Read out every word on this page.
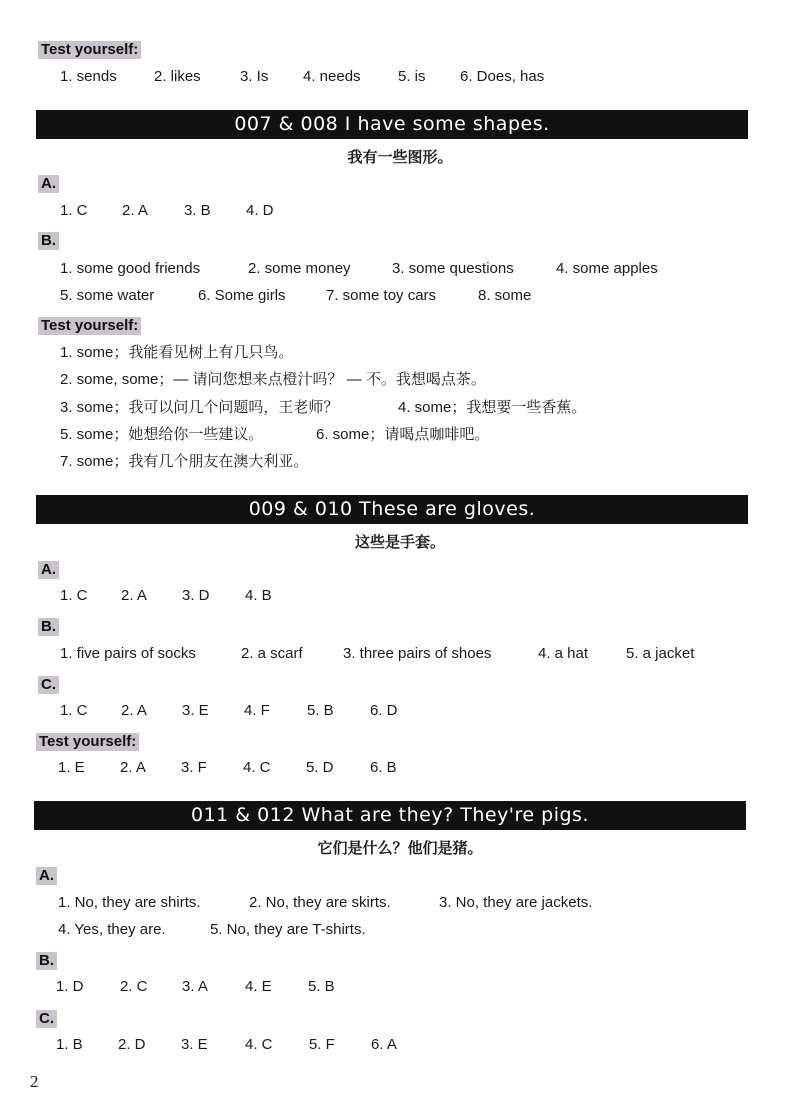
Test yourself:
1. sends 2. likes	3. Is 4. needs 5. is 6. Does, has
007 & 008 I have some shapes.
我有一些图形。
A.
1. C 2. A 3. B 4. D
B.
1. some good friends	2. some money	3. some questions	4. some apples
5. some water	6. Some girls	7. some toy cars	8. some
Test yourself:
1. some；我能看见树上有几只鸟。
2. some, some；— 请问您想来点橙汁吗？ — 不。我想喝点茶。
3. some；我可以问几个问题吗，王老师？	4. some；我想要一些香蕉。
5. some；她想给你一些建议。	6. some；请喝点咖啡吧。
7. some；我有几个朋友在澳大利亚。
009 & 010 These are gloves.
这些是手套。
A.
1. C 2. A 3. D 4. B
B.
1. five pairs of socks	2. a scarf	3. three pairs of shoes	4. a hat	5. a jacket
C.
1. C 2. A 3. E 4. F 5. B 6. D
Test yourself:
1. E 2. A 3. F 4. C 5. D 6. B
011 & 012 What are they? They're pigs.
它们是什么？他们是猪。
A.
1. No, they are shirts.	2. No, they are skirts.	3. No, they are jackets.
4. Yes, they are.	5. No, they are T-shirts.
B.
1. D 2. C 3. A 4. E 5. B
C.
1. B 2. D 3. E 4. C 5. F 6. A
2
